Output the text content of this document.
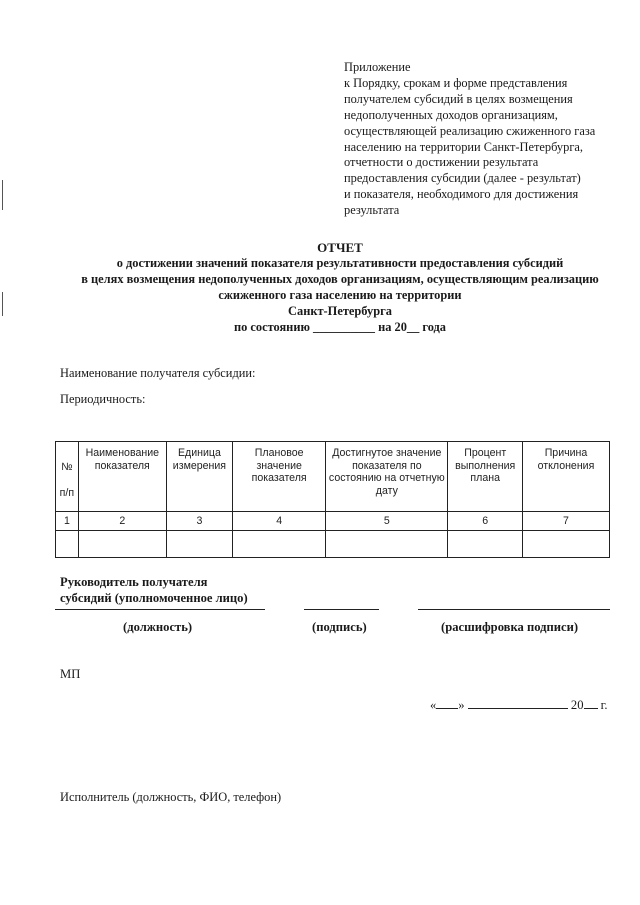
Приложение
к Порядку, срокам и форме представления
получателем субсидий в целях возмещения
недополученных доходов организациям,
осуществляющей реализацию сжиженного газа
населению на территории Санкт-Петербурга,
отчетности о достижении результата
предоставления субсидии (далее - результат)
и показателя, необходимого для достижения
результата
ОТЧЕТ
о достижении значений показателя результативности предоставления субсидий
в целях возмещения недополученных доходов организациям, осуществляющим реализацию
сжиженного газа населению на территории
Санкт-Петербурга
по состоянию __________ на 20__ года
Наименование получателя субсидии:
Периодичность:
№
п/п	Наименование показателя	Единица измерения	Плановое значение показателя	Достигнутое значение показателя по состоянию на отчетную дату	Процент выполнения плана	Причина отклонения
1	2	3	4	5	6	7

Руководитель получателя
субсидий (уполномоченное лицо)
(должность)	(подпись)	(расшифровка подписи)
МП
« »	20 г.
Исполнитель (должность, ФИО, телефон)
